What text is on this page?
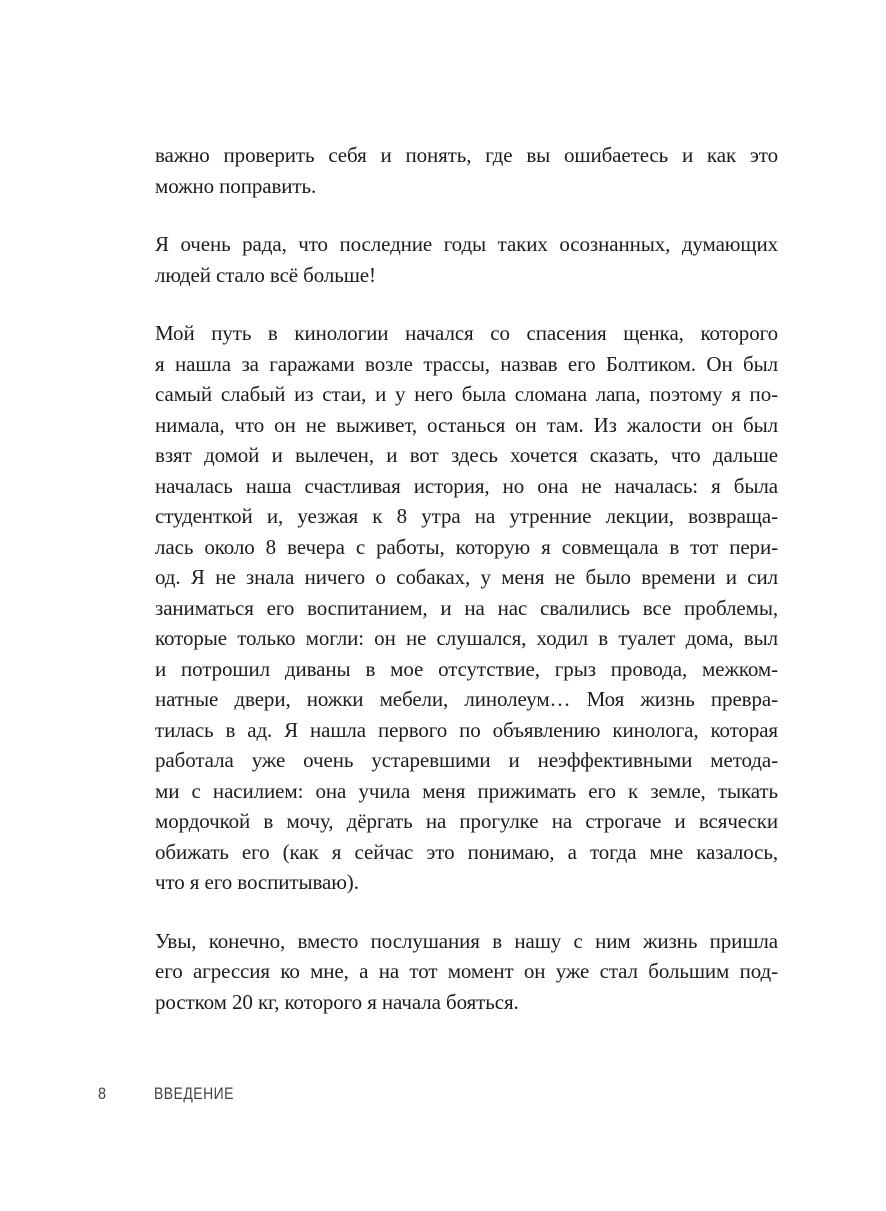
важно проверить себя и понять, где вы ошибаетесь и как это
можно поправить.
Я очень рада, что последние годы таких осознанных, думающих
людей стало всё больше!
Мой путь в кинологии начался со спасения щенка, которого
я нашла за гаражами возле трассы, назвав его Болтиком. Он был
самый слабый из стаи, и у него была сломана лапа, поэтому я по-
нимала, что он не выживет, останься он там. Из жалости он был
взят домой и вылечен, и вот здесь хочется сказать, что дальше
началась наша счастливая история, но она не началась: я была
студенткой и, уезжая к 8 утра на утренние лекции, возвраща-
лась около 8 вечера с работы, которую я совмещала в тот пери-
од. Я не знала ничего о собаках, у меня не было времени и сил
заниматься его воспитанием, и на нас свалились все проблемы,
которые только могли: он не слушался, ходил в туалет дома, выл
и потрошил диваны в мое отсутствие, грыз провода, межком-
натные двери, ножки мебели, линолеум… Моя жизнь превра-
тилась в ад. Я нашла первого по объявлению кинолога, которая
работала уже очень устаревшими и неэффективными метода-
ми с насилием: она учила меня прижимать его к земле, тыкать
мордочкой в мочу, дёргать на прогулке на строгаче и всячески
обижать его (как я сейчас это понимаю, а тогда мне казалось,
что я его воспитываю).
Увы, конечно, вместо послушания в нашу с ним жизнь пришла
его агрессия ко мне, а на тот момент он уже стал большим под-
ростком 20 кг, которого я начала бояться.
8	ВВЕДЕНИЕ
